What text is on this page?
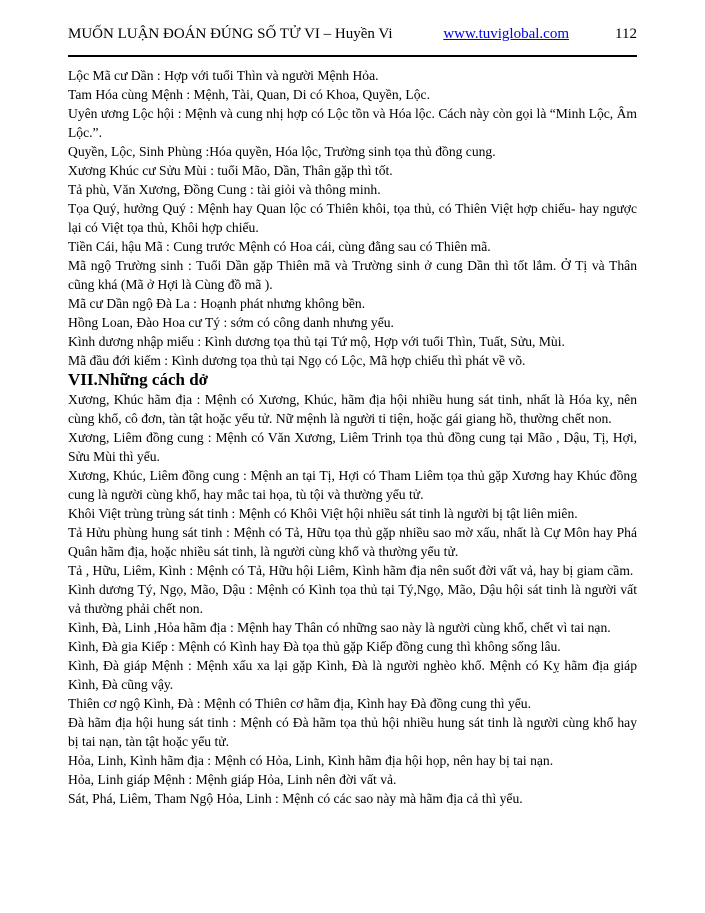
MUỐN LUẬN ĐOÁN ĐÚNG SỐ TỬ VI – Huyền Vi	www.tuviglobal.com	112

Lộc Mã cư Dần : Hợp với tuổi Thìn và người Mệnh Hỏa.

Tam Hóa cùng Mệnh : Mệnh, Tài, Quan, Di có Khoa, Quyền, Lộc.

Uyên ương Lộc hội : Mệnh và cung nhị hợp có Lộc tồn và Hóa lộc. Cách này còn gọi là “Minh Lộc, Âm Lộc.”.

Quyền, Lộc, Sinh Phùng :Hóa quyền, Hóa lộc, Trường sinh tọa thủ đồng cung.

Xương Khúc cư Sửu Mùi : tuổi Mão, Dần, Thân gặp thì tốt.

Tả phù, Văn Xương, Đồng Cung : tài giỏi và thông minh.

Tọa Quý, hưởng Quý : Mệnh hay Quan lộc có Thiên khôi, tọa thủ, có Thiên Việt hợp chiếu- hay ngược lại có Việt tọa thủ, Khôi hợp chiếu.

Tiền Cái, hậu Mã : Cung trước Mệnh có Hoa cái, cùng đằng sau có Thiên mã.

Mã ngộ Trường sinh : Tuổi Dần gặp Thiên mã và Trường sinh ở cung Dần thì tốt lắm. Ở Tị và Thân cũng khá (Mã ở Hợi là Cùng đồ mã ).

Mã cư Dần ngộ Đà La : Hoạnh phát nhưng không bền.

Hồng Loan, Đào Hoa cư Tý : sớm có công danh nhưng yểu.

Kình dương nhập miếu : Kình dương tọa thủ tại Tứ mộ, Hợp với tuổi Thìn, Tuất, Sửu, Mùi.

Mã đầu đới kiếm : Kình dương tọa thủ tại Ngọ có Lộc, Mã hợp chiếu thì phát về võ.

VII.Những cách dở

Xương, Khúc hãm địa : Mệnh có Xương, Khúc, hãm địa hội nhiều hung sát tinh, nhất là Hóa kỵ, nên cùng khổ, cô đơn, tàn tật hoặc yểu tử. Nữ mệnh là người ti tiện, hoặc gái giang hồ, thường chết non.

Xương, Liêm đồng cung : Mệnh có Văn Xương, Liêm Trinh tọa thủ đồng cung tại Mão , Dậu, Tị, Hợi, Sửu Mùi thì yểu.

Xương, Khúc, Liêm đồng cung : Mệnh an tại Tị, Hợi có Tham Liêm tọa thủ gặp Xương hay Khúc đồng cung là người cùng khổ, hay mắc tai họa, tù tội và thường yểu tử.

Khôi Việt trùng trùng sát tinh : Mệnh có Khôi Việt hội nhiều sát tinh là người bị tật liên miên.

Tả Hửu phùng hung sát tinh : Mệnh có Tả, Hữu tọa thủ gặp nhiều sao mờ xấu, nhất là Cự Môn hay Phá Quân hãm địa, hoặc nhiều sát tinh, là người cùng khổ và thường yểu tử.

Tả , Hữu, Liêm, Kình : Mệnh có Tả, Hữu hội Liêm, Kình hãm địa nên suốt đời vất vả, hay bị giam cầm.

Kình dương Tý, Ngọ, Mão, Dậu : Mệnh có Kình tọa thủ tại Tý,Ngọ, Mão, Dậu hội sát tinh là người vất vả thường phải chết non.

Kình, Đà, Linh ,Hỏa hãm địa : Mệnh hay Thân có những sao này là người cùng khổ, chết vì tai nạn.

Kình, Đà gia Kiếp : Mệnh có Kình hay Đà tọa thủ gặp Kiếp đồng cung thì không sống lâu.

Kình, Đà giáp Mệnh : Mệnh xấu xa lại gặp Kình, Đà là người nghèo khổ. Mệnh có Kỵ hãm địa giáp Kình, Đà cũng vậy.

Thiên cơ ngộ Kình, Đà : Mệnh có Thiên cơ hãm địa, Kình hay Đà đồng cung thì yểu.

Đà hãm địa hội hung sát tinh : Mệnh có Đà hãm tọa thủ hội nhiều hung sát tinh là người cùng khổ hay bị tai nạn, tàn tật hoặc yểu tử.

Hỏa, Linh, Kình hãm địa : Mệnh có Hỏa, Linh, Kình hãm địa hội họp, nên hay bị tai nạn.

Hỏa, Linh giáp Mệnh : Mệnh giáp Hỏa, Linh nên đời vất vả.

Sát, Phá, Liêm, Tham Ngộ Hỏa, Linh : Mệnh có các sao này mà hãm địa cả thì yểu.
